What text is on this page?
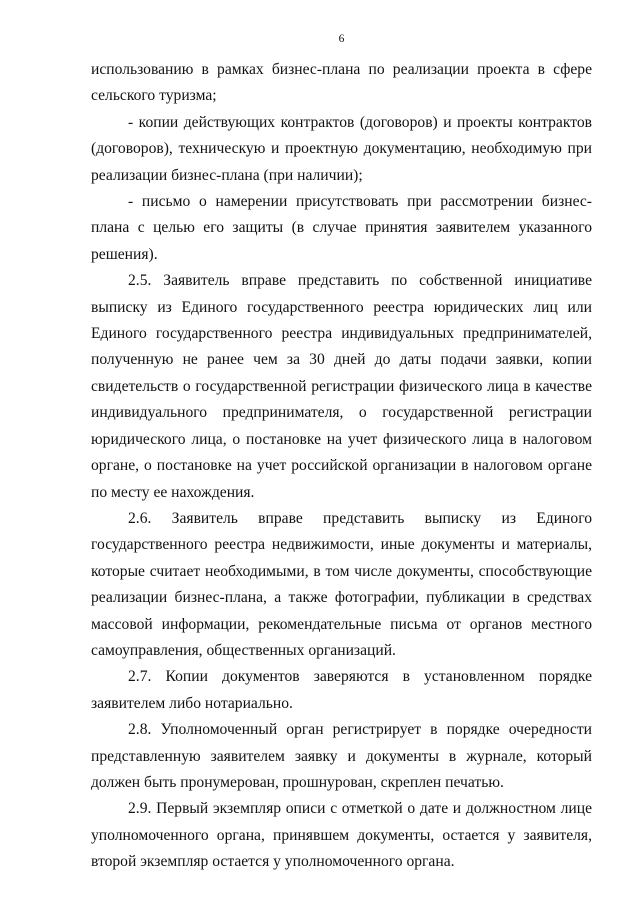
6

использованию в рамках бизнес-плана по реализации проекта в сфере сельского туризма;

- копии действующих контрактов (договоров) и проекты контрактов (договоров), техническую и проектную документацию, необходимую при реализации бизнес-плана (при наличии);

- письмо о намерении присутствовать при рассмотрении бизнес-плана с целью его защиты (в случае принятия заявителем указанного решения).

2.5. Заявитель вправе представить по собственной инициативе выписку из Единого государственного реестра юридических лиц или Единого государственного реестра индивидуальных предпринимателей, полученную не ранее чем за 30 дней до даты подачи заявки, копии свидетельств о государственной регистрации физического лица в качестве индивидуального предпринимателя, о государственной регистрации юридического лица, о постановке на учет физического лица в налоговом органе, о постановке на учет российской организации в налоговом органе по месту ее нахождения.

2.6. Заявитель вправе представить выписку из Единого государственного реестра недвижимости, иные документы и материалы, которые считает необходимыми, в том числе документы, способствующие реализации бизнес-плана, а также фотографии, публикации в средствах массовой информации, рекомендательные письма от органов местного самоуправления, общественных организаций.

2.7. Копии документов заверяются в установленном порядке заявителем либо нотариально.

2.8. Уполномоченный орган регистрирует в порядке очередности представленную заявителем заявку и документы в журнале, который должен быть пронумерован, прошнурован, скреплен печатью.

2.9. Первый экземпляр описи с отметкой о дате и должностном лице уполномоченного органа, принявшем документы, остается у заявителя, второй экземпляр остается у уполномоченного органа.
